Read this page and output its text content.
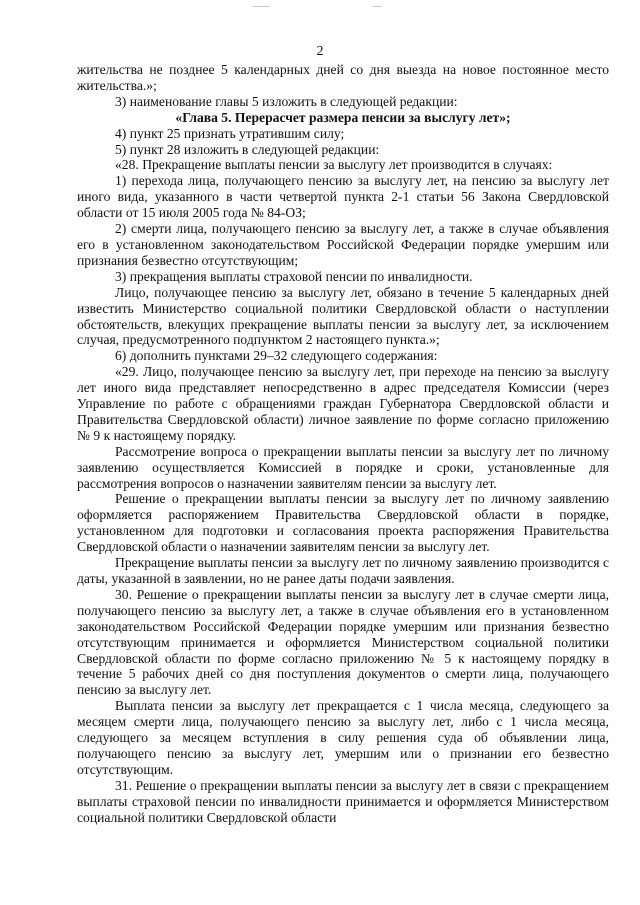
2

жительства не позднее 5 календарных дней со дня выезда на новое постоянное место жительства.»;

3) наименование главы 5 изложить в следующей редакции:

«Глава 5. Перерасчет размера пенсии за выслугу лет»;

4) пункт 25 признать утратившим силу;

5) пункт 28 изложить в следующей редакции:

«28. Прекращение выплаты пенсии за выслугу лет производится в случаях:

1) перехода лица, получающего пенсию за выслугу лет, на пенсию за выслугу лет иного вида, указанного в части четвертой пункта 2-1 статьи 56 Закона Свердловской области от 15 июля 2005 года № 84-ОЗ;

2) смерти лица, получающего пенсию за выслугу лет, а также в случае объявления его в установленном законодательством Российской Федерации порядке умершим или признания безвестно отсутствующим;

3) прекращения выплаты страховой пенсии по инвалидности.

Лицо, получающее пенсию за выслугу лет, обязано в течение 5 календарных дней известить Министерство социальной политики Свердловской области о наступлении обстоятельств, влекущих прекращение выплаты пенсии за выслугу лет, за исключением случая, предусмотренного подпунктом 2 настоящего пункта.»;

6) дополнить пунктами 29–32 следующего содержания:

«29. Лицо, получающее пенсию за выслугу лет, при переходе на пенсию за выслугу лет иного вида представляет непосредственно в адрес председателя Комиссии (через Управление по работе с обращениями граждан Губернатора Свердловской области и Правительства Свердловской области) личное заявление по форме согласно приложению № 9 к настоящему порядку.

Рассмотрение вопроса о прекращении выплаты пенсии за выслугу лет по личному заявлению осуществляется Комиссией в порядке и сроки, установленные для рассмотрения вопросов о назначении заявителям пенсии за выслугу лет.

Решение о прекращении выплаты пенсии за выслугу лет по личному заявлению оформляется распоряжением Правительства Свердловской области в порядке, установленном для подготовки и согласования проекта распоряжения Правительства Свердловской области о назначении заявителям пенсии за выслугу лет.

Прекращение выплаты пенсии за выслугу лет по личному заявлению производится с даты, указанной в заявлении, но не ранее даты подачи заявления.

30. Решение о прекращении выплаты пенсии за выслугу лет в случае смерти лица, получающего пенсию за выслугу лет, а также в случае объявления его в установленном законодательством Российской Федерации порядке умершим или признания безвестно отсутствующим принимается и оформляется Министерством социальной политики Свердловской области по форме согласно приложению № 5 к настоящему порядку в течение 5 рабочих дней со дня поступления документов о смерти лица, получающего пенсию за выслугу лет.

Выплата пенсии за выслугу лет прекращается с 1 числа месяца, следующего за месяцем смерти лица, получающего пенсию за выслугу лет, либо с 1 числа месяца, следующего за месяцем вступления в силу решения суда об объявлении лица, получающего пенсию за выслугу лет, умершим или о признании его безвестно отсутствующим.

31. Решение о прекращении выплаты пенсии за выслугу лет в связи с прекращением выплаты страховой пенсии по инвалидности принимается и оформляется Министерством социальной политики Свердловской области
